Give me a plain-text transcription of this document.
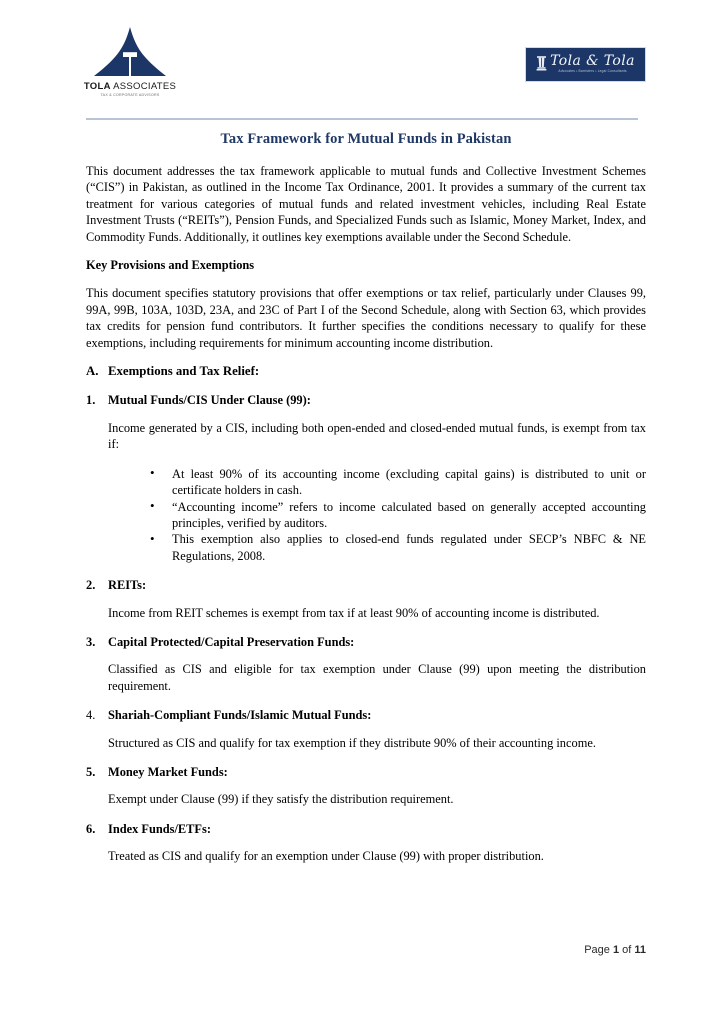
TOLA ASSOCIATES
TAX & CORPORATE ADVISORS
Tola & Tola
Advocates ▪ Barristers ▪ Legal Consultants
Tax Framework for Mutual Funds in Pakistan

This document addresses the tax framework applicable to mutual funds and Collective Investment Schemes (“CIS”) in Pakistan, as outlined in the Income Tax Ordinance, 2001. It provides a summary of the current tax treatment for various categories of mutual funds and related investment vehicles, including Real Estate Investment Trusts (“REITs”), Pension Funds, and Specialized Funds such as Islamic, Money Market, Index, and Commodity Funds. Additionally, it outlines key exemptions available under the Second Schedule.

Key Provisions and Exemptions

This document specifies statutory provisions that offer exemptions or tax relief, particularly under Clauses 99, 99A, 99B, 103A, 103D, 23A, and 23C of Part I of the Second Schedule, along with Section 63, which provides tax credits for pension fund contributors. It further specifies the conditions necessary to qualify for these exemptions, including requirements for minimum accounting income distribution.

A. Exemptions and Tax Relief:
1.	Mutual Funds/CIS Under Clause (99):

Income generated by a CIS, including both open-ended and closed-ended mutual funds, is exempt from tax if:

• At least 90% of its accounting income (excluding capital gains) is distributed to unit or certificate holders in cash.
• “Accounting income” refers to income calculated based on generally accepted accounting principles, verified by auditors.
• This exemption also applies to closed-end funds regulated under SECP’s NBFC & NE Regulations, 2008.
2.	REITs:

Income from REIT schemes is exempt from tax if at least 90% of accounting income is distributed.

3.	Capital Protected/Capital Preservation Funds:

Classified as CIS and eligible for tax exemption under Clause (99) upon meeting the distribution requirement.

4.	Shariah-Compliant Funds/Islamic Mutual Funds:

Structured as CIS and qualify for tax exemption if they distribute 90% of their accounting income.

5.	Money Market Funds:

Exempt under Clause (99) if they satisfy the distribution requirement.

6.	Index Funds/ETFs:

Treated as CIS and qualify for an exemption under Clause (99) with proper distribution.

Page 1 of 11
